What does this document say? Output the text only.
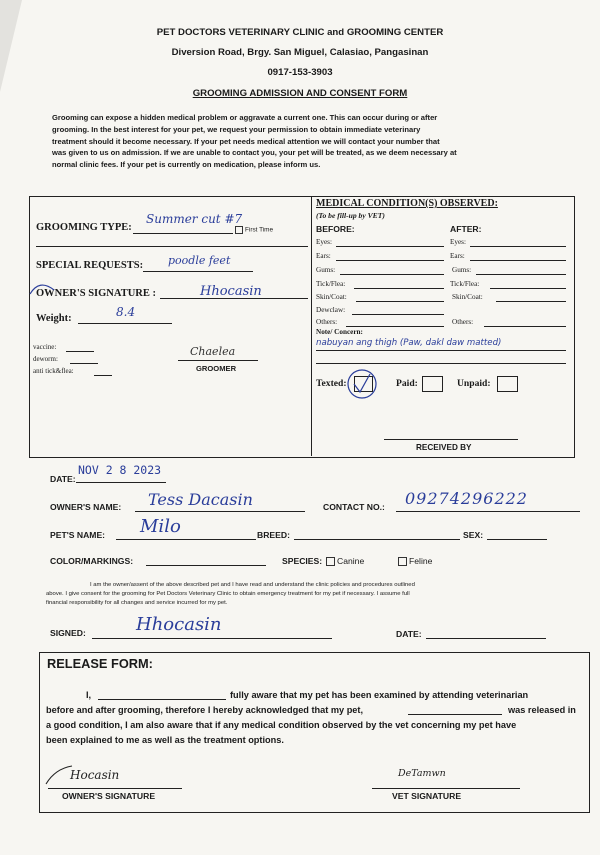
PET DOCTORS VETERINARY CLINIC and GROOMING CENTER
Diversion Road, Brgy. San Miguel, Calasiao, Pangasinan
0917-153-3903
GROOMING ADMISSION AND CONSENT FORM
Grooming can expose a hidden medical problem or aggravate a current one. This can occur during or after
grooming. In the best interest for your pet, we request your permission to obtain immediate veterinary
treatment should it become necessary. If your pet needs medical attention we will contact your number that
was given to us on admission. If we are unable to contact you, your pet will be treated, as we deem necessary at
normal clinic fees. If your pet is currently on medication, please inform us.
GROOMING TYPE:
Summer cut #7
First Time
SPECIAL REQUESTS: poodle feet
OWNER'S SIGNATURE :	Hhocasin
Weight:	8.4
vaccine:
deworm:
anti tick&flea:
Chaelea
GROOMER
MEDICAL CONDITION(S) OBSERVED:
(To be fill-up by VET)
BEFORE:	AFTER:
Eyes:	Eyes:
Ears:	Ears:
Gums:	Gums:
Tick/Flea:	Tick/Flea:
Skin/Coat:	Skin/Coat:
Dewclaw:
Others:	Others:
Note/ Concern:
nabuyan ang thigh (Paw, dakl daw matted)
Texted:	Paid:	Unpaid:
RECEIVED BY
DATE:
NOV 2 8 2023
OWNER'S NAME: Tess Dacasin	CONTACT NO.: 09274296222
PET'S NAME: Milo	BREED:	SEX:
COLOR/MARKINGS:	SPECIES:	Canine	Feline
I am the owner/assent of the above described pet and I have read and understand the clinic policies and procedures outlined
above. I give consent for the grooming for Pet Doctors Veterinary Clinic to obtain emergency treatment for my pet if necessary. I assume full
financial responsibility for all changes and service incurred for my pet.
SIGNED:	Hhocasin	DATE:
RELEASE FORM:
I,	fully aware that my pet has been examined by attending veterinarian
before and after grooming, therefore I hereby acknowledged that my pet,	was released in
a good condition, I am also aware that if any medical condition observed by the vet concerning my pet have
been explained to me as well as the treatment options.
Hocasin
OWNER'S SIGNATURE
DeTamwn
VET SIGNATURE
